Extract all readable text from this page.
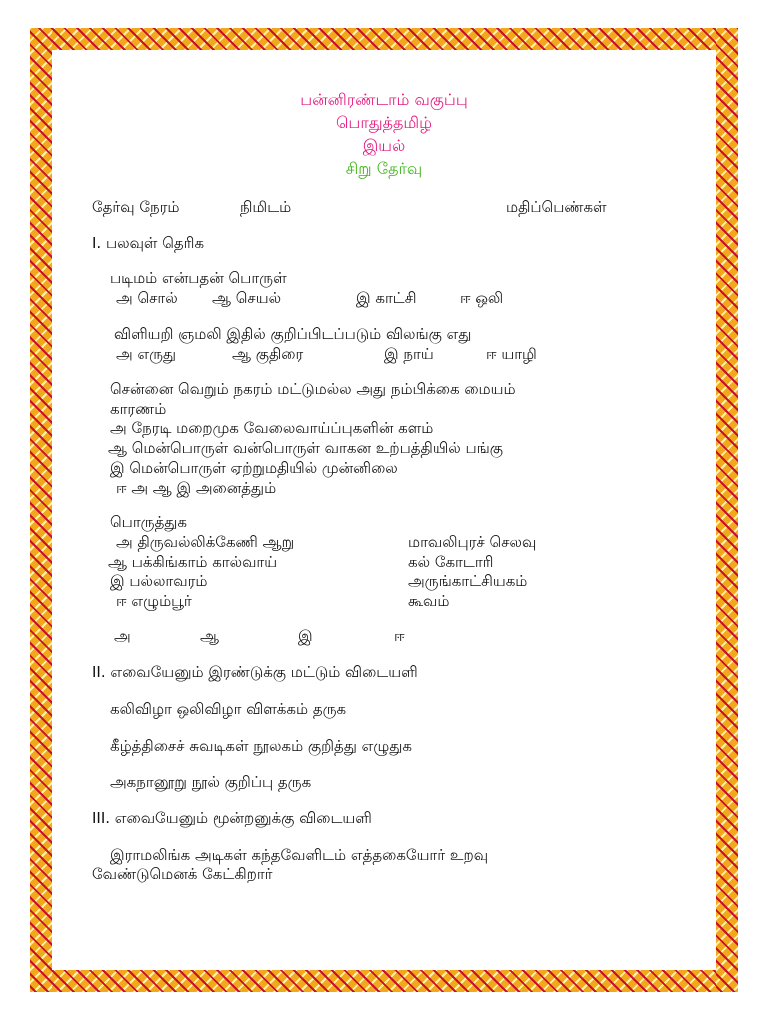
பன்னிரண்டாம் வகுப்பு
பொதுத்தமிழ்
இயல்
சிறு தேர்வு
தேர்வு நேரம்	நிமிடம்	மதிப்பெண்கள்
I. பலவுள் தெரிக
படிமம் என்பதன் பொருள்
அ சொல் ஆ செயல்	இ காட்சி	ஈ ஒலி
விளியறி ஞமலி இதில் குறிப்பிடப்படும் விலங்கு எது
அ எருது	ஆ குதிரை	இ நாய்	ஈ யாழி
சென்னை வெறும் நகரம் மட்டுமல்ல அது நம்பிக்கை மையம்
காரணம்
அ நேரடி மறைமுக வேலைவாய்ப்புகளின் களம்
ஆ மென்பொருள் வன்பொருள் வாகன உற்பத்தியில் பங்கு
இ மென்பொருள் ஏற்றுமதியில் முன்னிலை
ஈ அ ஆ இ அனைத்தும்
பொருத்துக
அ திருவல்லிக்கேணி ஆறு	மாவலிபுரச் செலவு
ஆ பக்கிங்காம் கால்வாய்	கல் கோடாரி
இ பல்லாவரம்	அருங்காட்சியகம்
ஈ எழும்பூர்	கூவம்
அ	ஆ	இ	ஈ
II. எவையேனும் இரண்டுக்கு மட்டும் விடையளி
கலிவிழா ஒலிவிழா விளக்கம் தருக
கீழ்த்திசைச் சுவடிகள் நூலகம் குறித்து எழுதுக
அகநானூறு நூல் குறிப்பு தருக
III. எவையேனும் மூன்றனுக்கு விடையளி
இராமலிங்க அடிகள் கந்தவேளிடம் எத்தகையோர் உறவு
வேண்டுமெனக் கேட்கிறார்
